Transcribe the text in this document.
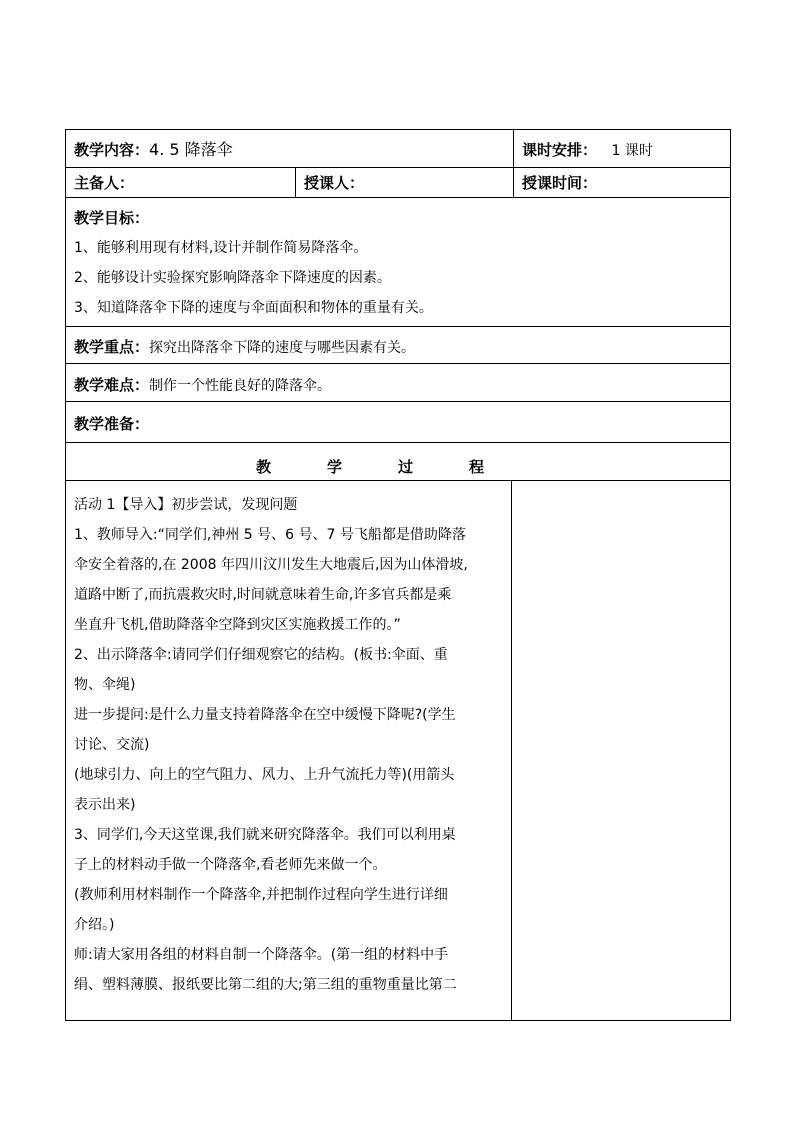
教学内容：4. 5 降落伞	课时安排： 1 课时
主备人：	授课人：	授课时间：
教学目标：
1、能够利用现有材料,设计并制作简易降落伞。
2、能够设计实验探究影响降落伞下降速度的因素。
3、知道降落伞下降的速度与伞面面积和物体的重量有关。
教学重点：探究出降落伞下降的速度与哪些因素有关。
教学难点：制作一个性能良好的降落伞。
教学准备：
教学过程
活动 1【导入】初步尝试，发现问题
1、教师导入:“同学们,神州 5 号、6 号、7 号飞船都是借助降落
伞安全着落的,在 2008 年四川汶川发生大地震后,因为山体滑坡,
道路中断了,而抗震救灾时,时间就意味着生命,许多官兵都是乘
坐直升飞机,借助降落伞空降到灾区实施救援工作的。”
2、出示降落伞:请同学们仔细观察它的结构。(板书:伞面、重
物、伞绳)
进一步提问:是什么力量支持着降落伞在空中缓慢下降呢?(学生
讨论、交流)
(地球引力、向上的空气阻力、风力、上升气流托力等)(用箭头
表示出来)
3、同学们,今天这堂课,我们就来研究降落伞。我们可以利用桌
子上的材料动手做一个降落伞,看老师先来做一个。
(教师利用材料制作一个降落伞,并把制作过程向学生进行详细
介绍。)
师:请大家用各组的材料自制一个降落伞。(第一组的材料中手
绢、塑料薄膜、报纸要比第二组的大;第三组的重物重量比第二
